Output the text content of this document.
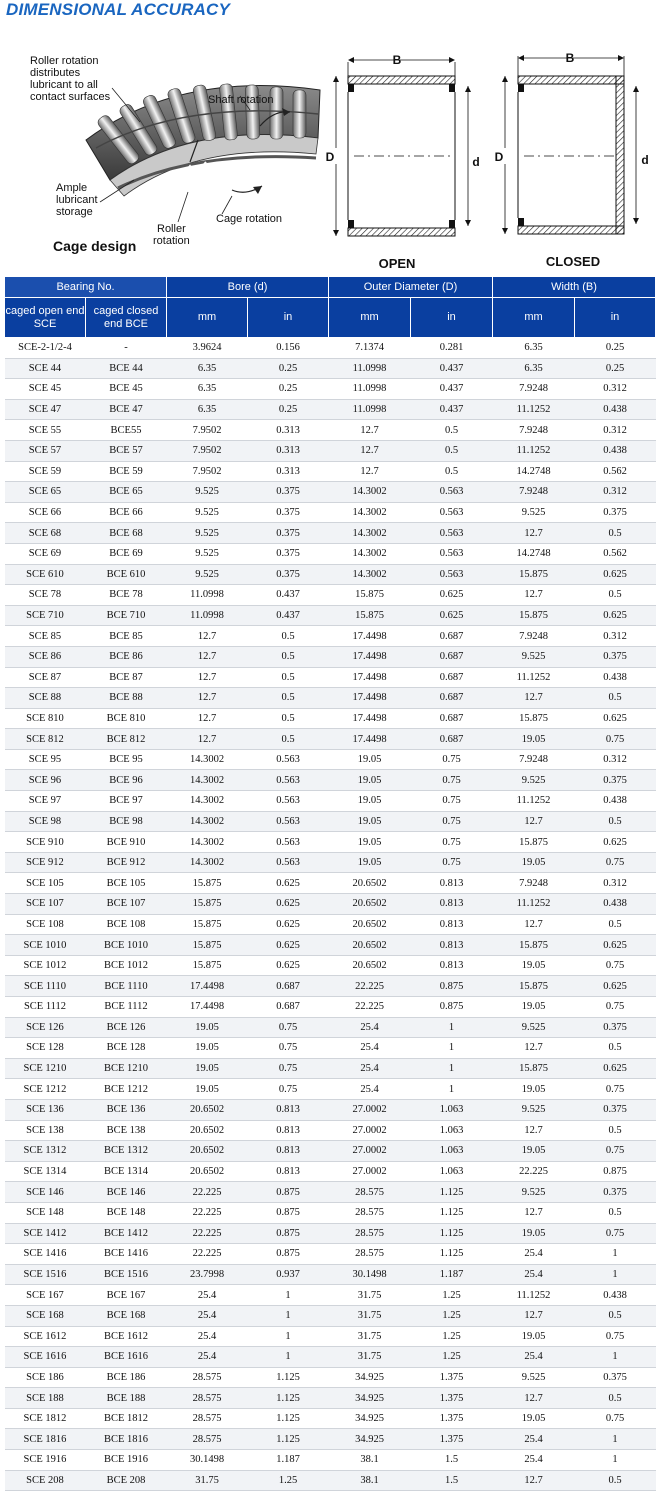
DIMENSIONAL ACCURACY
Roller rotation
distributes
lubricant to all
contact surfaces	Shaft rotation
Ample
lubricant
storage
Cage rotation
Roller
rotation
Cage design
B
D	d
OPEN
B
D	d
CLOSED
Bearing No.		Bore (d)		Outer Diameter (D)		Width (B)	
caged open end SCE	caged closed end BCE	mm	in	mm	in	mm	in
SCE-2-1/2-4	-	3.9624	0.156	7.1374	0.281	6.35	0.25
SCE 44	BCE 44	6.35	0.25	11.0998	0.437	6.35	0.25
SCE 45	BCE 45	6.35	0.25	11.0998	0.437	7.9248	0.312
SCE 47	BCE 47	6.35	0.25	11.0998	0.437	11.1252	0.438
SCE 55	BCE55	7.9502	0.313	12.7	0.5	7.9248	0.312
SCE 57	BCE 57	7.9502	0.313	12.7	0.5	11.1252	0.438
SCE 59	BCE 59	7.9502	0.313	12.7	0.5	14.2748	0.562
SCE 65	BCE 65	9.525	0.375	14.3002	0.563	7.9248	0.312
SCE 66	BCE 66	9.525	0.375	14.3002	0.563	9.525	0.375
SCE 68	BCE 68	9.525	0.375	14.3002	0.563	12.7	0.5
SCE 69	BCE 69	9.525	0.375	14.3002	0.563	14.2748	0.562
SCE 610	BCE 610	9.525	0.375	14.3002	0.563	15.875	0.625
SCE 78	BCE 78	11.0998	0.437	15.875	0.625	12.7	0.5
SCE 710	BCE 710	11.0998	0.437	15.875	0.625	15.875	0.625
SCE 85	BCE 85	12.7	0.5	17.4498	0.687	7.9248	0.312
SCE 86	BCE 86	12.7	0.5	17.4498	0.687	9.525	0.375
SCE 87	BCE 87	12.7	0.5	17.4498	0.687	11.1252	0.438
SCE 88	BCE 88	12.7	0.5	17.4498	0.687	12.7	0.5
SCE 810	BCE 810	12.7	0.5	17.4498	0.687	15.875	0.625
SCE 812	BCE 812	12.7	0.5	17.4498	0.687	19.05	0.75
SCE 95	BCE 95	14.3002	0.563	19.05	0.75	7.9248	0.312
SCE 96	BCE 96	14.3002	0.563	19.05	0.75	9.525	0.375
SCE 97	BCE 97	14.3002	0.563	19.05	0.75	11.1252	0.438
SCE 98	BCE 98	14.3002	0.563	19.05	0.75	12.7	0.5
SCE 910	BCE 910	14.3002	0.563	19.05	0.75	15.875	0.625
SCE 912	BCE 912	14.3002	0.563	19.05	0.75	19.05	0.75
SCE 105	BCE 105	15.875	0.625	20.6502	0.813	7.9248	0.312
SCE 107	BCE 107	15.875	0.625	20.6502	0.813	11.1252	0.438
SCE 108	BCE 108	15.875	0.625	20.6502	0.813	12.7	0.5
SCE 1010	BCE 1010	15.875	0.625	20.6502	0.813	15.875	0.625
SCE 1012	BCE 1012	15.875	0.625	20.6502	0.813	19.05	0.75
SCE 1110	BCE 1110	17.4498	0.687	22.225	0.875	15.875	0.625
SCE 1112	BCE 1112	17.4498	0.687	22.225	0.875	19.05	0.75
SCE 126	BCE 126	19.05	0.75	25.4	1	9.525	0.375
SCE 128	BCE 128	19.05	0.75	25.4	1	12.7	0.5
SCE 1210	BCE 1210	19.05	0.75	25.4	1	15.875	0.625
SCE 1212	BCE 1212	19.05	0.75	25.4	1	19.05	0.75
SCE 136	BCE 136	20.6502	0.813	27.0002	1.063	9.525	0.375
SCE 138	BCE 138	20.6502	0.813	27.0002	1.063	12.7	0.5
SCE 1312	BCE 1312	20.6502	0.813	27.0002	1.063	19.05	0.75
SCE 1314	BCE 1314	20.6502	0.813	27.0002	1.063	22.225	0.875
SCE 146	BCE 146	22.225	0.875	28.575	1.125	9.525	0.375
SCE 148	BCE 148	22.225	0.875	28.575	1.125	12.7	0.5
SCE 1412	BCE 1412	22.225	0.875	28.575	1.125	19.05	0.75
SCE 1416	BCE 1416	22.225	0.875	28.575	1.125	25.4	1
SCE 1516	BCE 1516	23.7998	0.937	30.1498	1.187	25.4	1
SCE 167	BCE 167	25.4	1	31.75	1.25	11.1252	0.438
SCE 168	BCE 168	25.4	1	31.75	1.25	12.7	0.5
SCE 1612	BCE 1612	25.4	1	31.75	1.25	19.05	0.75
SCE 1616	BCE 1616	25.4	1	31.75	1.25	25.4	1
SCE 186	BCE 186	28.575	1.125	34.925	1.375	9.525	0.375
SCE 188	BCE 188	28.575	1.125	34.925	1.375	12.7	0.5
SCE 1812	BCE 1812	28.575	1.125	34.925	1.375	19.05	0.75
SCE 1816	BCE 1816	28.575	1.125	34.925	1.375	25.4	1
SCE 1916	BCE 1916	30.1498	1.187	38.1	1.5	25.4	1
SCE 208	BCE 208	31.75	1.25	38.1	1.5	12.7	0.5
